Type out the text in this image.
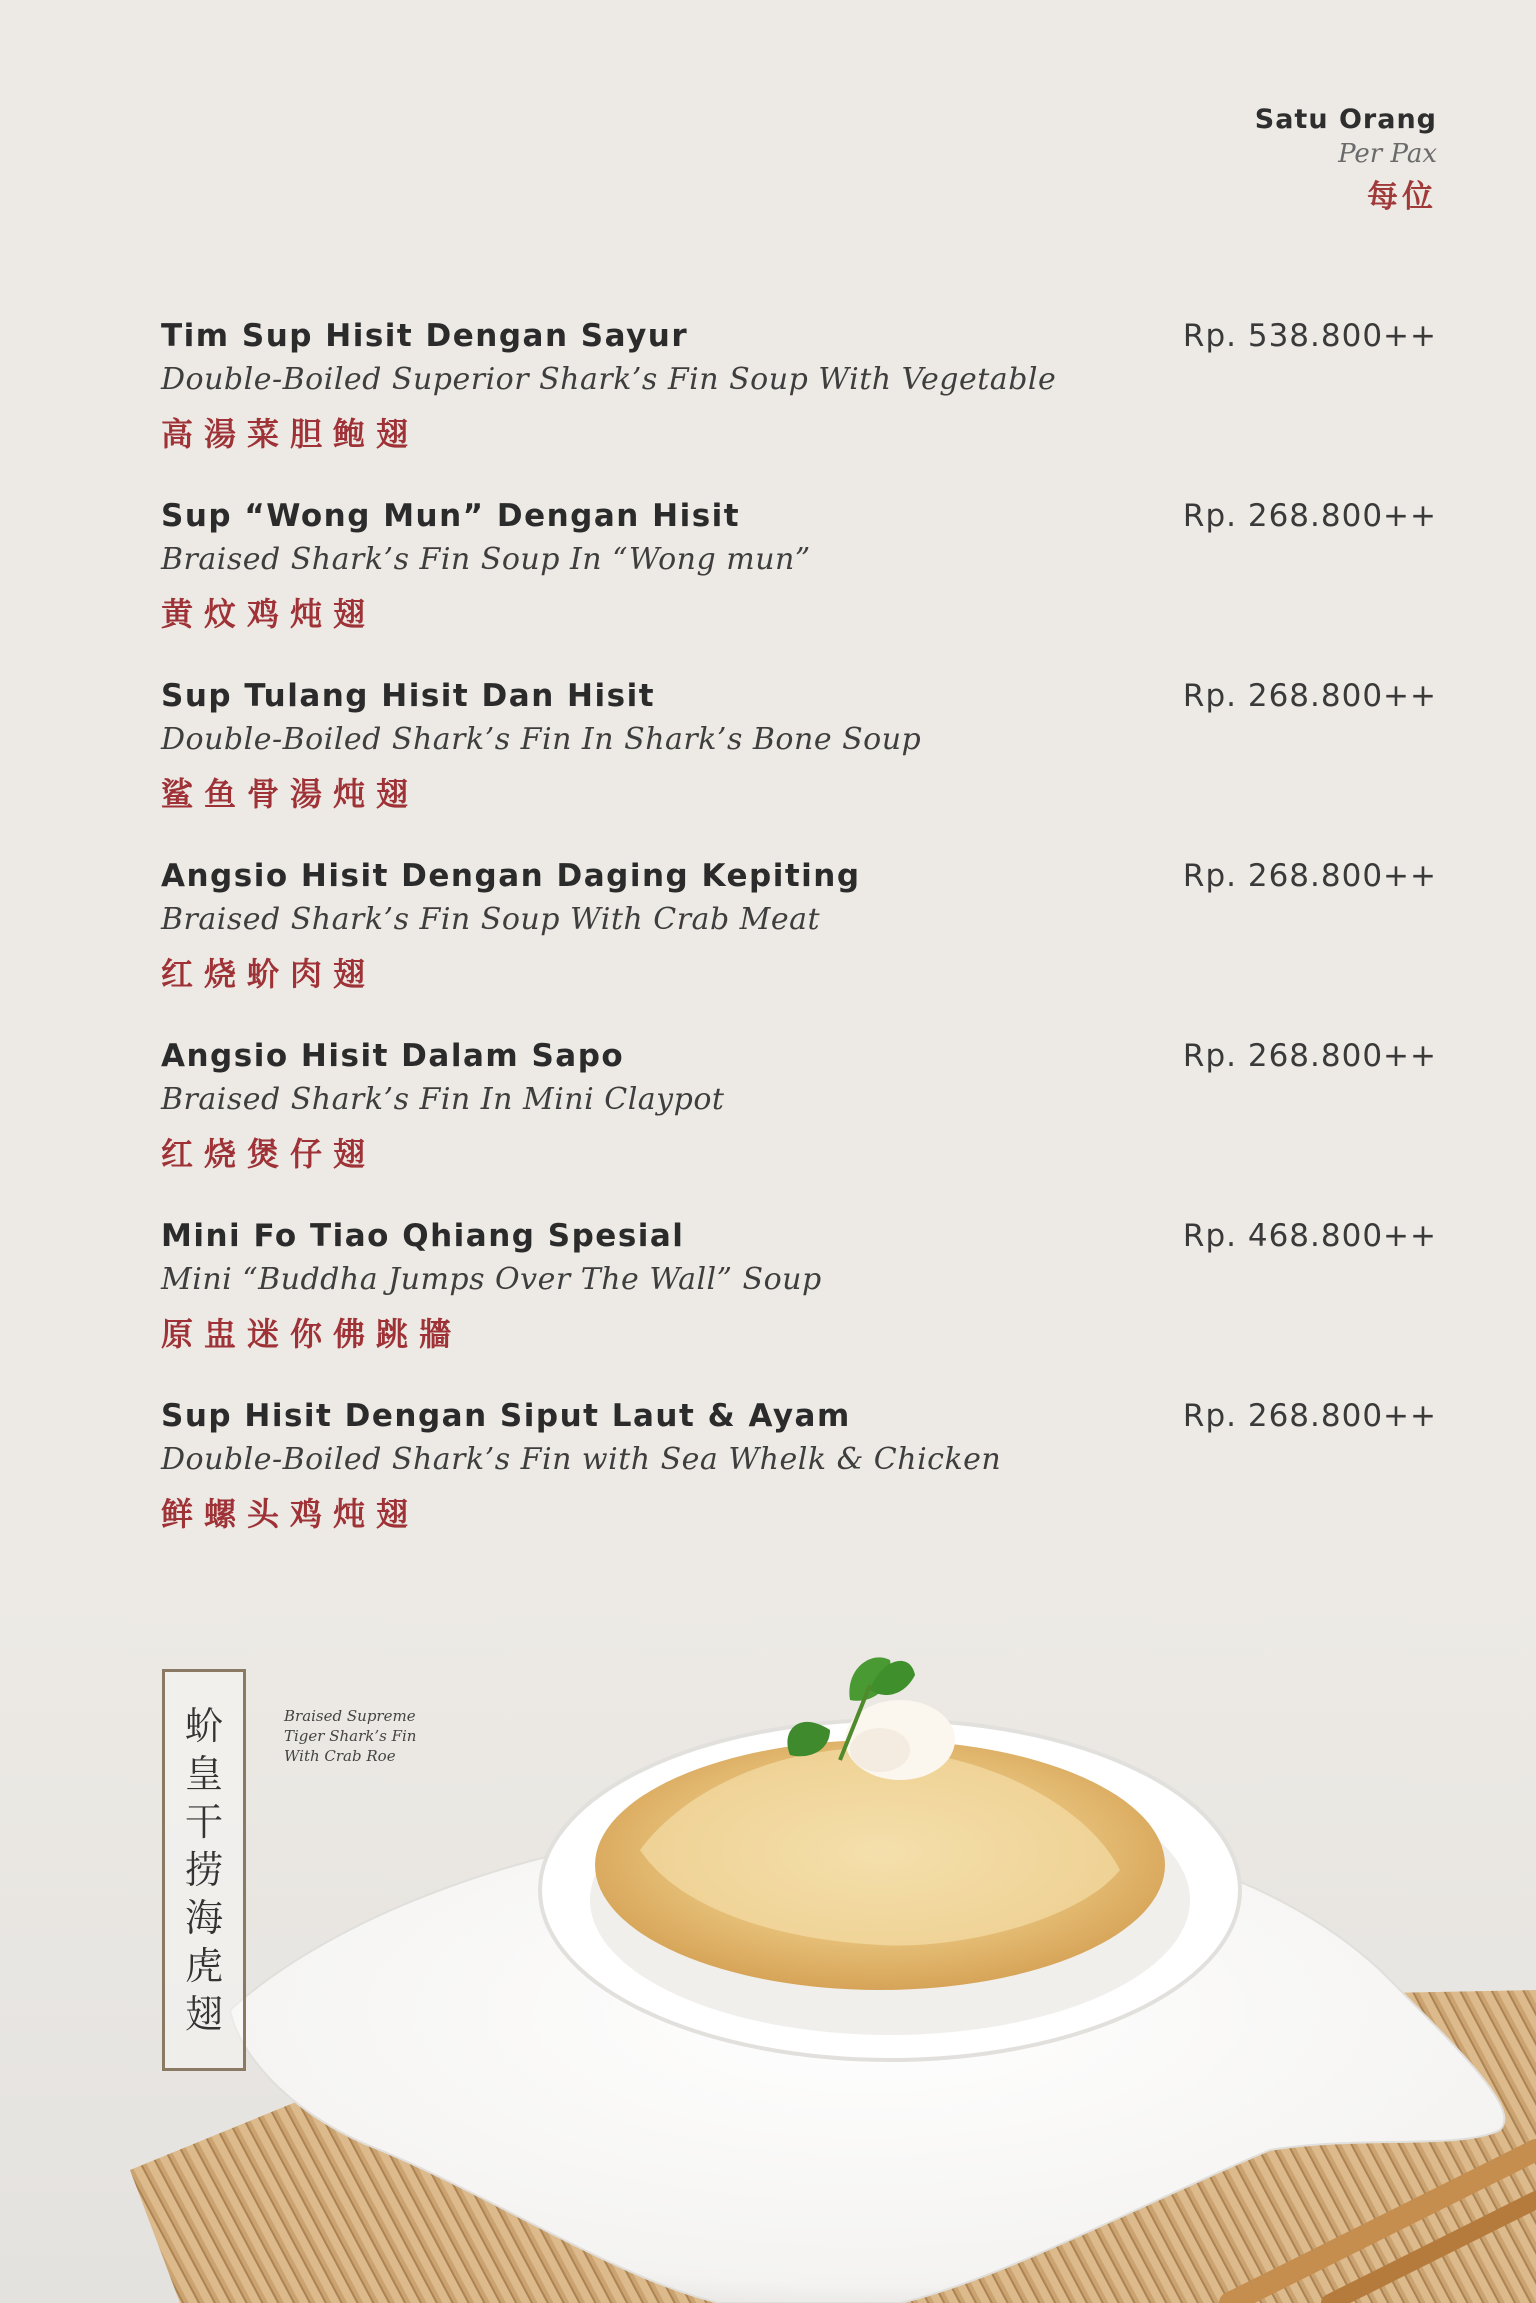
Satu Orang
Per Pax
每位
Tim Sup Hisit Dengan Sayur
Double-Boiled Superior Shark’s Fin Soup With Vegetable
高湯菜胆鲍翅
Rp. 538.800++
Sup “Wong Mun” Dengan Hisit
Braised Shark’s Fin Soup In “Wong mun”
黄炆鸡炖翅
Rp. 268.800++
Sup Tulang Hisit Dan Hisit
Double-Boiled Shark’s Fin In Shark’s Bone Soup
鲨鱼骨湯炖翅
Rp. 268.800++
Angsio Hisit Dengan Daging Kepiting
Braised Shark’s Fin Soup With Crab Meat
红烧蚧肉翅
Rp. 268.800++
Angsio Hisit Dalam Sapo
Braised Shark’s Fin In Mini Claypot
红烧煲仔翅
Rp. 268.800++
Mini Fo Tiao Qhiang Spesial
Mini “Buddha Jumps Over The Wall” Soup
原盅迷你佛跳牆
Rp. 468.800++
Sup Hisit Dengan Siput Laut & Ayam
Double-Boiled Shark’s Fin with Sea Whelk & Chicken
鲜螺头鸡炖翅
Rp. 268.800++
蚧
皇
干
捞
海
虎
翅
Braised Supreme
Tiger Shark’s Fin
With Crab Roe
